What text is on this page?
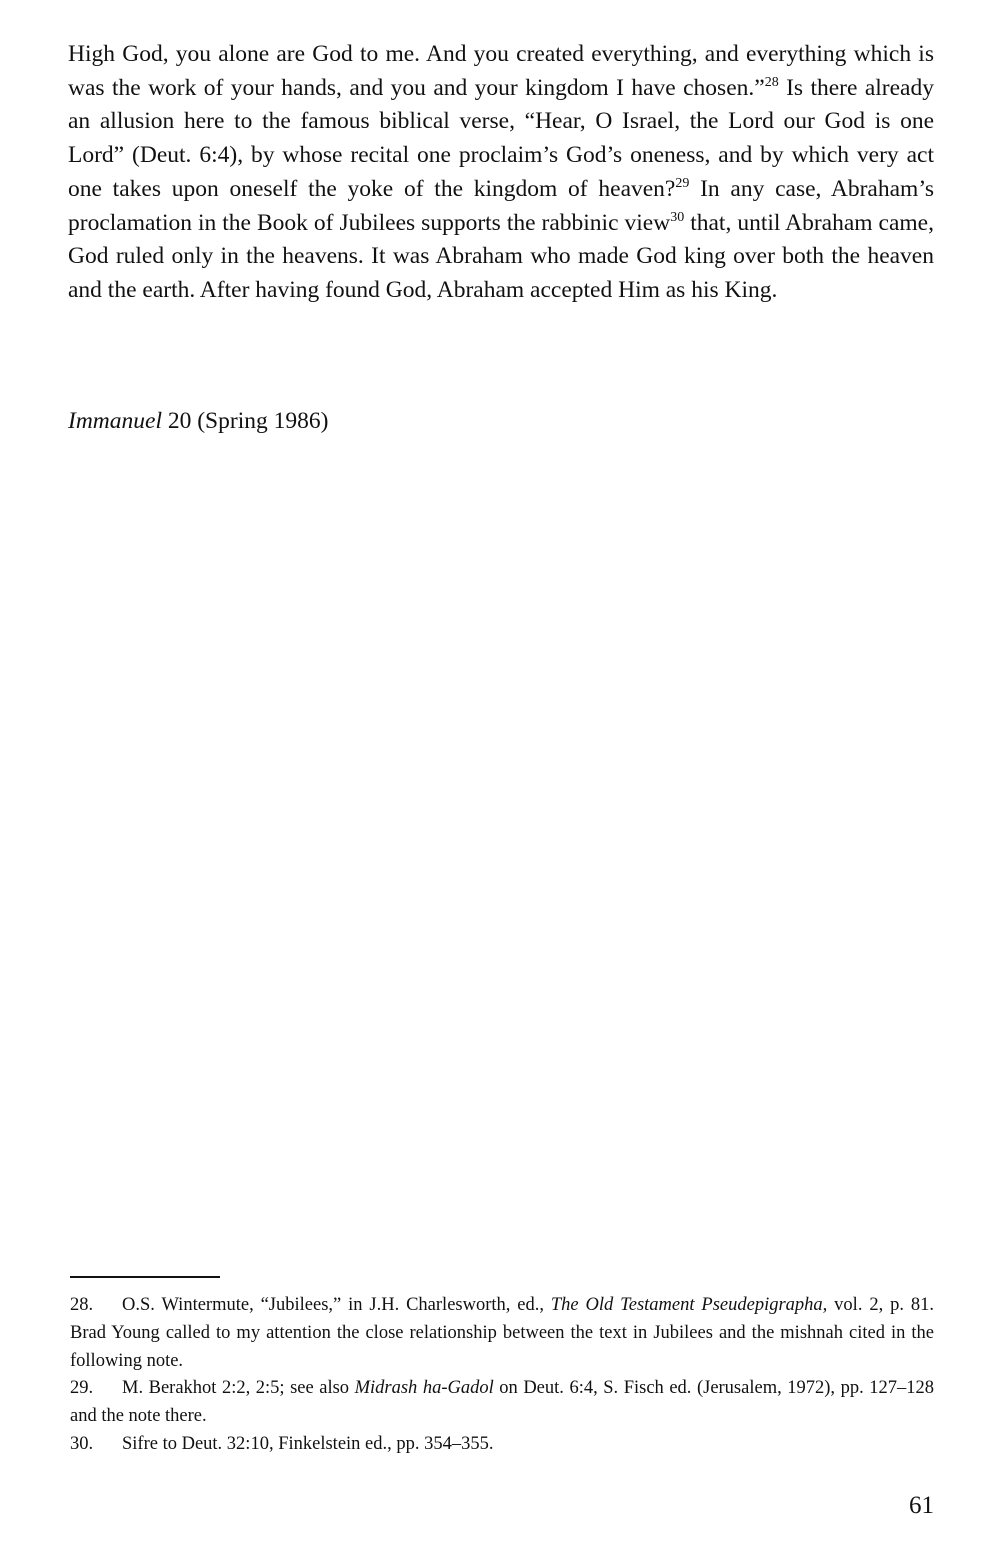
High God, you alone are God to me. And you created everything, and everything which is was the work of your hands, and you and your kingdom I have chosen.”$^{28}$ Is there already an allusion here to the famous biblical verse, “Hear, O Israel, the Lord our God is one Lord” (Deut. 6:4), by whose recital one proclaim’s God’s oneness, and by which very act one takes upon oneself the yoke of the kingdom of heaven?$^{29}$ In any case, Abraham’s proclamation in the Book of Jubilees supports the rabbinic view$^{30}$ that, until Abraham came, God ruled only in the heavens. It was Abraham who made God king over both the heaven and the earth. After having found God, Abraham accepted Him as his King.

Immanuel 20 (Spring 1986)

28. O.S. Wintermute, “Jubilees,” in J.H. Charlesworth, ed., The Old Testament Pseudepigrapha, vol. 2, p. 81. Brad Young called to my attention the close relationship between the text in Jubilees and the mishnah cited in the following note.

29. M. Berakhot 2:2, 2:5; see also Midrash ha-Gadol on Deut. 6:4, S. Fisch ed. (Jerusalem, 1972), pp. 127–128 and the note there.

30. Sifre to Deut. 32:10, Finkelstein ed., pp. 354–355.

61
